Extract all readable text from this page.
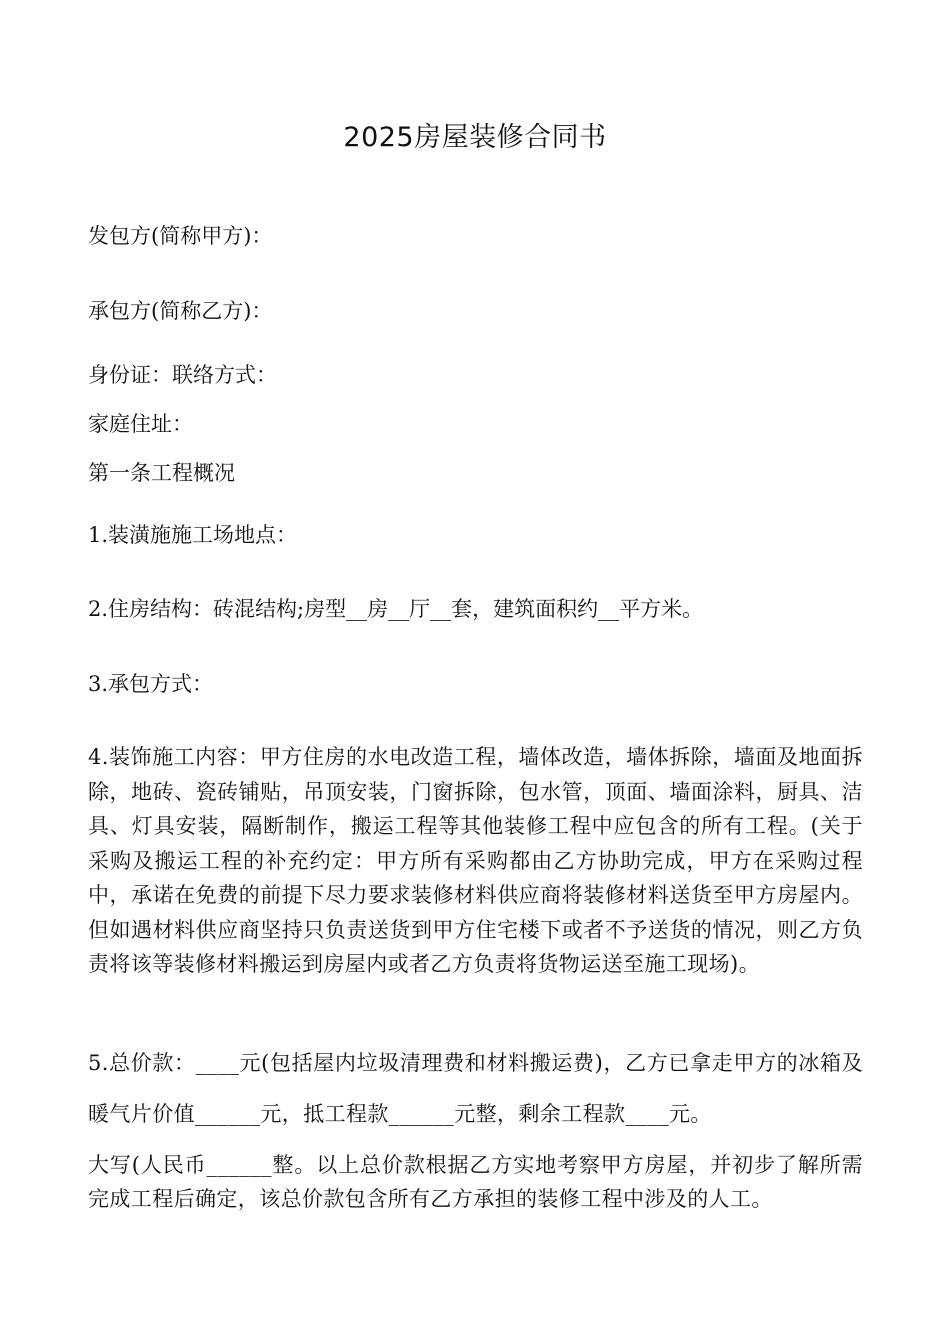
2025房屋装修合同书
发包方(简称甲方)：
承包方(简称乙方)：
身份证：联络方式：
家庭住址：
第一条工程概况
1.装潢施施工场地点：
2.住房结构：砖混结构;房型__房__厅__套，建筑面积约__平方米。
3.承包方式：
4.装饰施工内容：甲方住房的水电改造工程，墙体改造，墙体拆除，墙面及地面拆除，地砖、瓷砖铺贴，吊顶安装，门窗拆除，包水管，顶面、墙面涂料，厨具、洁具、灯具安装，隔断制作，搬运工程等其他装修工程中应包含的所有工程。(关于采购及搬运工程的补充约定：甲方所有采购都由乙方协助完成，甲方在采购过程中，承诺在免费的前提下尽力要求装修材料供应商将装修材料送货至甲方房屋内。但如遇材料供应商坚持只负责送货到甲方住宅楼下或者不予送货的情况，则乙方负责将该等装修材料搬运到房屋内或者乙方负责将货物运送至施工现场)。
5.总价款：____元(包括屋内垃圾清理费和材料搬运费)，乙方已拿走甲方的冰箱及暖气片价值______元，抵工程款______元整，剩余工程款____元。
大写(人民币______整。以上总价款根据乙方实地考察甲方房屋，并初步了解所需完成工程后确定，该总价款包含所有乙方承担的装修工程中涉及的人工。
